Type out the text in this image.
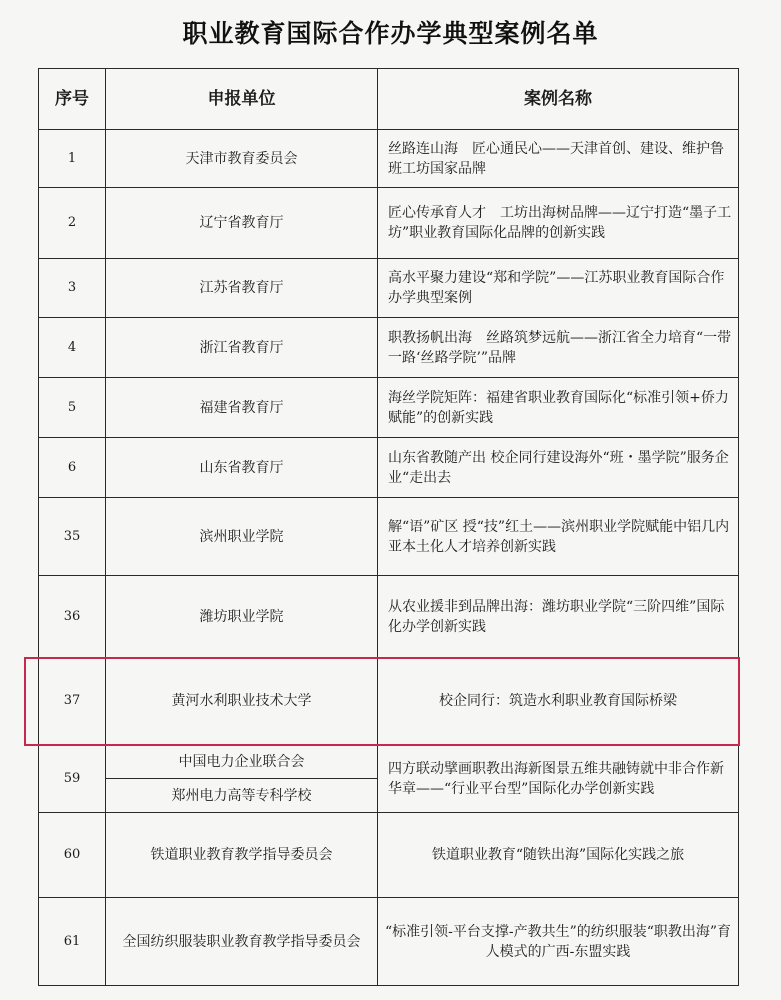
职业教育国际合作办学典型案例名单
序号	申报单位	案例名称
1	天津市教育委员会	丝路连山海　匠心通民心——天津首创、建设、维护鲁班工坊国家品牌
2	辽宁省教育厅	匠心传承育人才　工坊出海树品牌——辽宁打造“墨子工坊”职业教育国际化品牌的创新实践
3	江苏省教育厅	高水平聚力建设“郑和学院”——江苏职业教育国际合作办学典型案例
4	浙江省教育厅	职教扬帆出海　丝路筑梦远航——浙江省全力培育“一带一路‘丝路学院’”品牌
5	福建省教育厅	海丝学院矩阵：福建省职业教育国际化“标准引领+侨力赋能”的创新实践
6	山东省教育厅	山东省教随产出 校企同行建设海外“班・墨学院”服务企业“走出去
35	滨州职业学院	解“语”矿区 授“技”红土——滨州职业学院赋能中铝几内亚本土化人才培养创新实践
36	潍坊职业学院	从农业援非到品牌出海：潍坊职业学院“三阶四维”国际化办学创新实践
37	黄河水利职业技术大学	校企同行：筑造水利职业教育国际桥梁
59	中国电力企业联合会	四方联动擘画职教出海新图景五维共融铸就中非合作新华章——“行业平台型”国际化办学创新实践
	郑州电力高等专科学校	
60	铁道职业教育教学指导委员会	铁道职业教育“随铁出海”国际化实践之旅
61	全国纺织服装职业教育教学指导委员会	“标准引领-平台支撑-产教共生”的纺织服装“职教出海”育人模式的广西-东盟实践
